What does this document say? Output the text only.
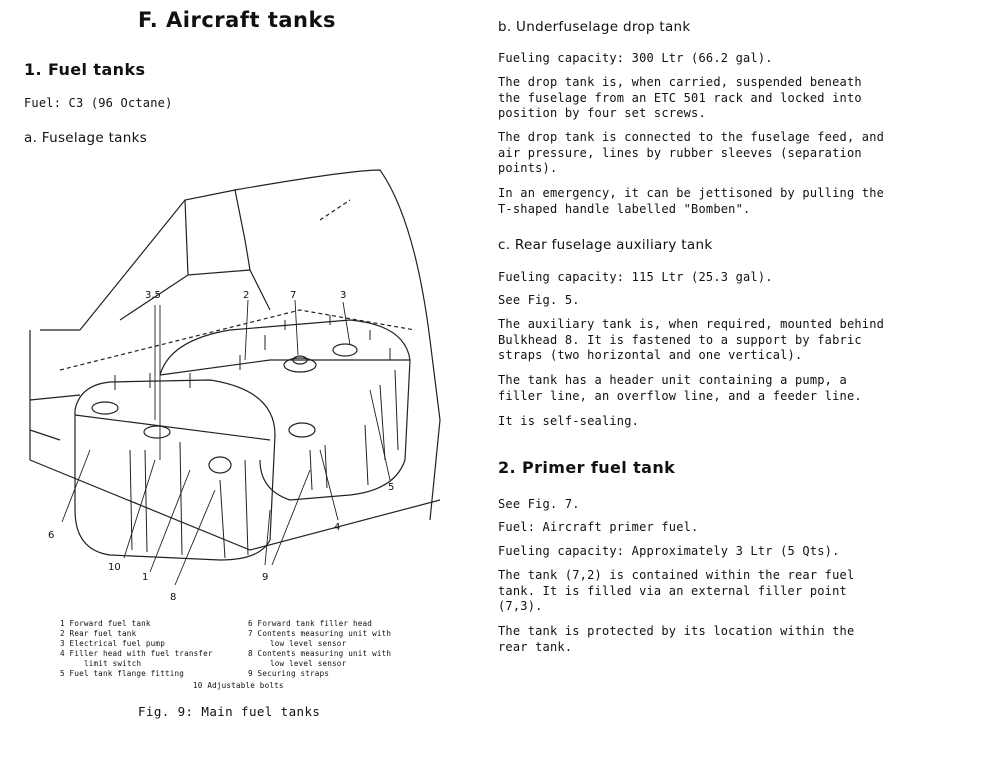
F. Aircraft tanks
1. Fuel tanks
Fuel: C3 (96 Octane)
a. Fuselage tanks
3,5	2	7	3
6
10
1
8
9
5
4
1 Forward fuel tank
2 Rear fuel tank
3 Electrical fuel pump
4 Filler head with fuel transfer
limit switch
5 Fuel tank flange fitting
6 Forward tank filler head
7 Contents measuring unit with
low level sensor
8 Contents measuring unit with
low level sensor
9 Securing straps
10 Adjustable bolts
Fig. 9: Main fuel tanks
b. Underfuselage drop tank
Fueling capacity: 300 Ltr (66.2 gal).
The drop tank is, when carried, suspended beneath
the fuselage from an ETC 501 rack and locked into
position by four set screws.
The drop tank is connected to the fuselage feed, and
air pressure, lines by rubber sleeves (separation
points).
In an emergency, it can be jettisoned by pulling the
T-shaped handle labelled "Bomben".
c. Rear fuselage auxiliary tank
Fueling capacity: 115 Ltr (25.3 gal).
See Fig. 5.
The auxiliary tank is, when required, mounted behind
Bulkhead 8. It is fastened to a support by fabric
straps (two horizontal and one vertical).
The tank has a header unit containing a pump, a
filler line, an overflow line, and a feeder line.
It is self-sealing.
2. Primer fuel tank
See Fig. 7.
Fuel: Aircraft primer fuel.
Fueling capacity: Approximately 3 Ltr (5 Qts).
The tank (7,2) is contained within the rear fuel
tank. It is filled via an external filler point
(7,3).
The tank is protected by its location within the
rear tank.
